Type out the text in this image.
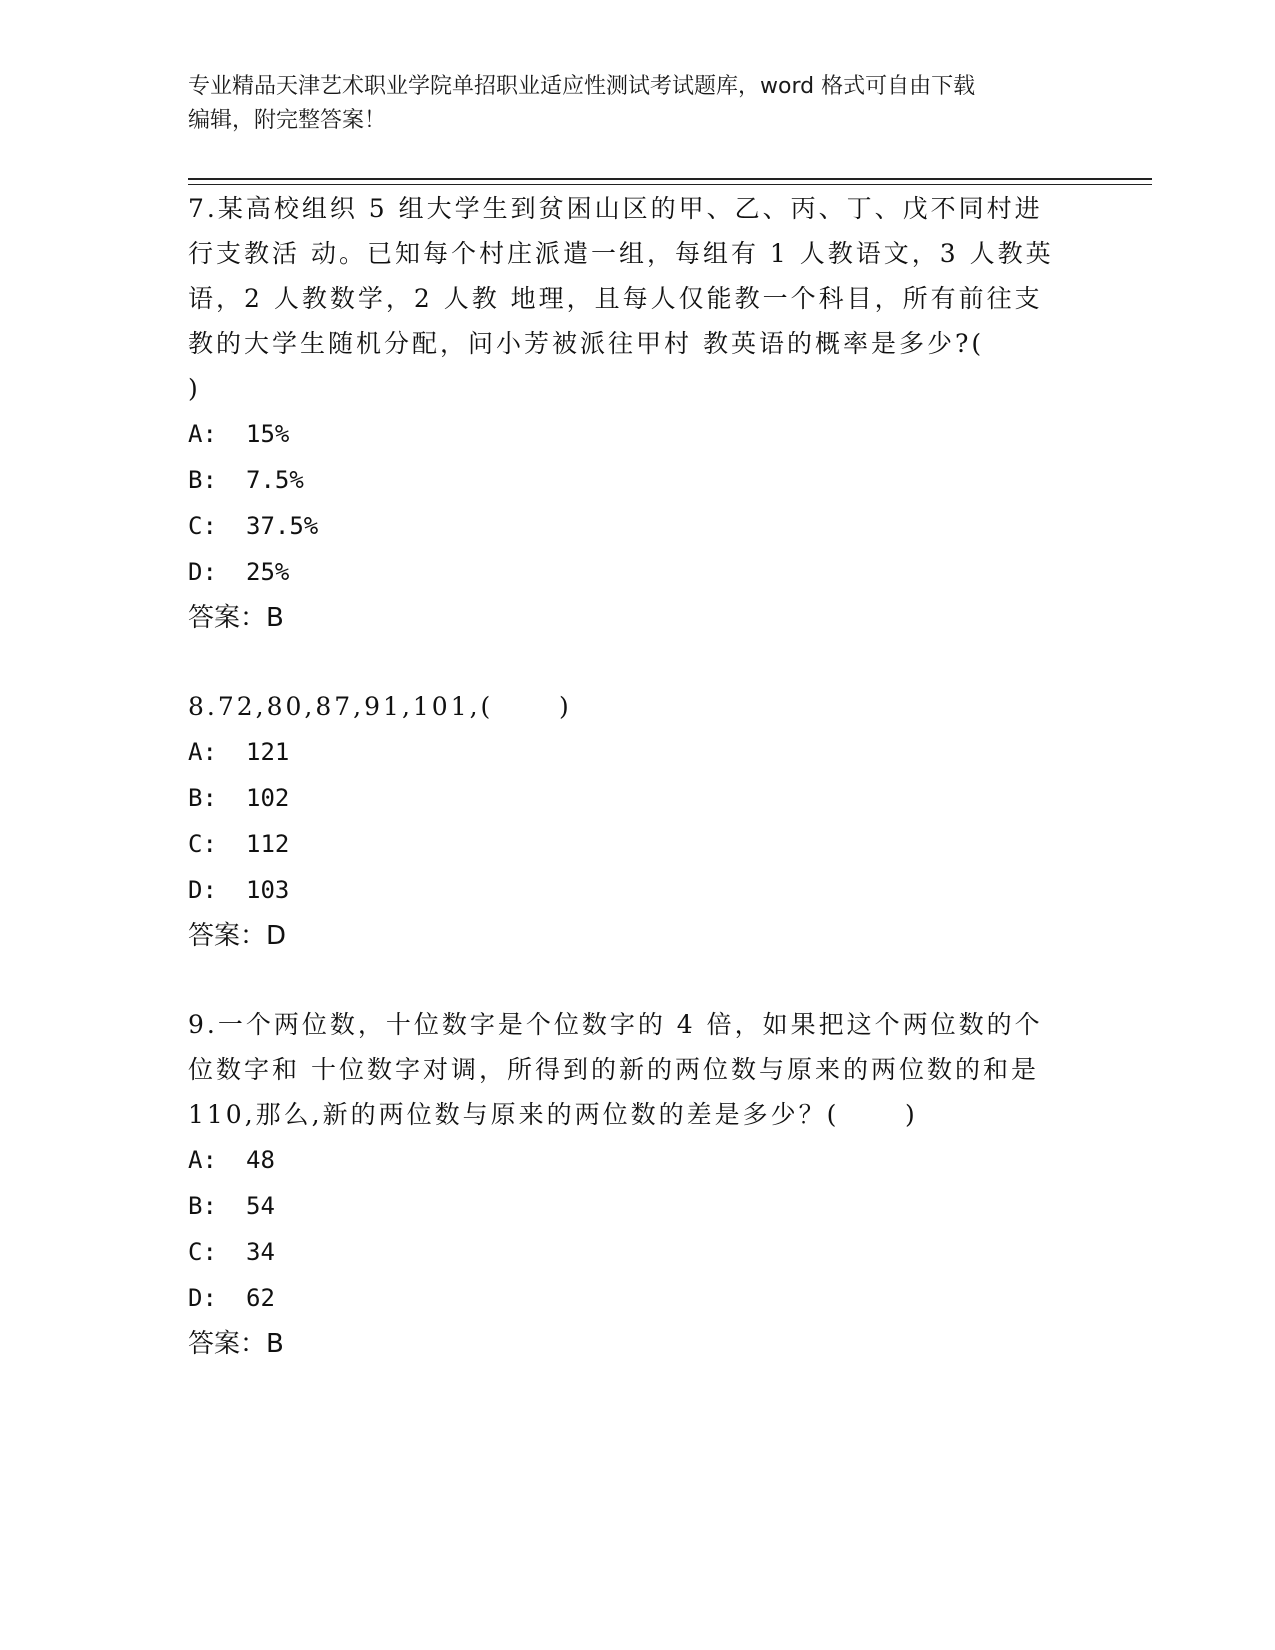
专业精品天津艺术职业学院单招职业适应性测试考试题库，word 格式可自由下载
编辑，附完整答案！

7.某高校组织 5 组大学生到贫困山区的甲、乙、丙、丁、戊不同村进
行支教活 动。已知每个村庄派遣一组，每组有 1 人教语文，3 人教英
语，2 人教数学，2 人教 地理，且每人仅能教一个科目，所有前往支
教的大学生随机分配，问小芳被派往甲村 教英语的概率是多少?(
)

A: 15%
B: 7.5%
C: 37.5%
D: 25%
答案：B

8.72,80,87,91,101,(      )

A: 121
B: 102
C: 112
D: 103
答案：D

9.一个两位数，十位数字是个位数字的 4 倍，如果把这个两位数的个
位数字和 十位数字对调，所得到的新的两位数与原来的两位数的和是
110,那么,新的两位数与原来的两位数的差是多少？(      )

A: 48
B: 54
C: 34
D: 62
答案：B
